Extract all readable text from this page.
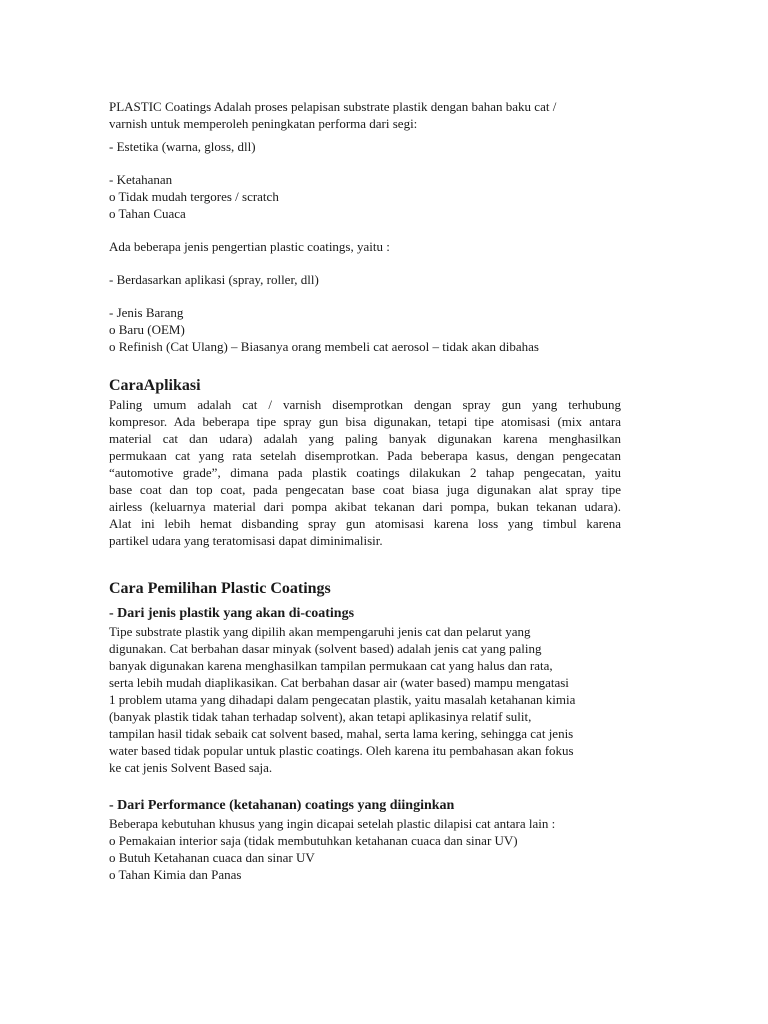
PLASTIC Coatings Adalah proses pelapisan substrate plastik dengan bahan baku cat /

varnish untuk memperoleh peningkatan performa dari segi:

- Estetika (warna, gloss, dll)

- Ketahanan

o Tidak mudah tergores / scratch

o Tahan Cuaca

Ada beberapa jenis pengertian plastic coatings, yaitu :

- Berdasarkan aplikasi (spray, roller, dll)

- Jenis Barang

o Baru (OEM)

o Refinish (Cat Ulang) – Biasanya orang membeli cat aerosol – tidak akan dibahas

CaraAplikasi

Paling umum adalah cat / varnish disemprotkan dengan spray gun yang terhubung

kompresor. Ada beberapa tipe spray gun bisa digunakan, tetapi tipe atomisasi (mix antara

material cat dan udara) adalah yang paling banyak digunakan karena menghasilkan

permukaan cat yang rata setelah disemprotkan. Pada beberapa kasus, dengan pengecatan

“automotive grade”, dimana pada plastik coatings dilakukan 2 tahap pengecatan, yaitu

base coat dan top coat, pada pengecatan base coat biasa juga digunakan alat spray tipe

airless (keluarnya material dari pompa akibat tekanan dari pompa, bukan tekanan udara).

Alat ini lebih hemat disbanding spray gun atomisasi karena loss yang timbul karena

partikel udara yang teratomisasi dapat diminimalisir.

Cara Pemilihan Plastic Coatings

- Dari jenis plastik yang akan di-coatings

Tipe substrate plastik yang dipilih akan mempengaruhi jenis cat dan pelarut yang

digunakan. Cat berbahan dasar minyak (solvent based) adalah jenis cat yang paling

banyak digunakan karena menghasilkan tampilan permukaan cat yang halus dan rata,

serta lebih mudah diaplikasikan. Cat berbahan dasar air (water based) mampu mengatasi

1 problem utama yang dihadapi dalam pengecatan plastik, yaitu masalah ketahanan kimia

(banyak plastik tidak tahan terhadap solvent), akan tetapi aplikasinya relatif sulit,

tampilan hasil tidak sebaik cat solvent based, mahal, serta lama kering, sehingga cat jenis

water based tidak popular untuk plastic coatings. Oleh karena itu pembahasan akan fokus

ke cat jenis Solvent Based saja.

- Dari Performance (ketahanan) coatings yang diinginkan

Beberapa kebutuhan khusus yang ingin dicapai setelah plastic dilapisi cat antara lain :

o Pemakaian interior saja (tidak membutuhkan ketahanan cuaca dan sinar UV)

o Butuh Ketahanan cuaca dan sinar UV

o Tahan Kimia dan Panas
